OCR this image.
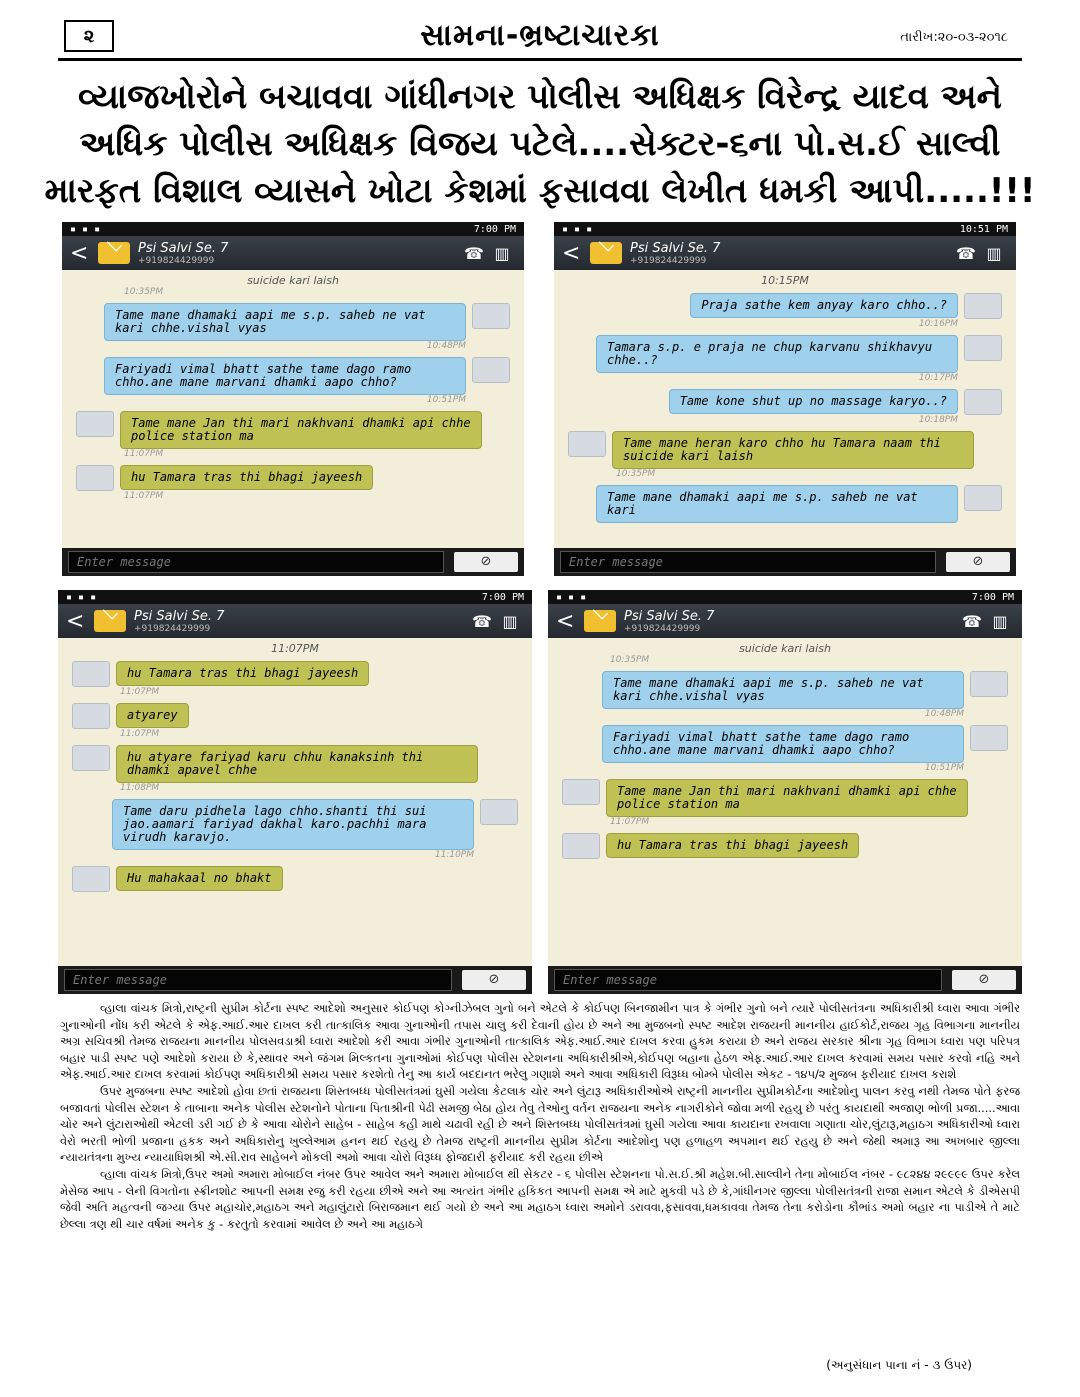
૨	સામના-ભ્રષ્ટાચારકા	તારીખ:૨૦-૦૩-૨૦૧૮
વ્યાજખોરોને બચાવવા ગાંધીનગર પોલીસ અધિક્ષક વિરેન્દ્ર યાદવ અને
અધિક પોલીસ અધિક્ષક વિજય પટેલે....સેક્ટર-૬ના પો.સ.ઈ સાલ્વી
મારફત વિશાલ વ્યાસને ખોટા કેશમાં ફસાવવા લેખીત ધમકી આપી.....!!!
▪ ▪ ▪	7:00 PM
<	Psi Salvi Se. 7
+919824429999	☎ ▥
suicide kari laish
10:35PM
Tame mane dhamaki aapi me s.p. saheb ne vat kari chhe.vishal vyas
10:48PM
Fariyadi vimal bhatt sathe tame dago ramo chho.ane mane marvani dhamki aapo chho?
10:51PM
Tame mane Jan thi mari nakhvani dhamki api chhe police station ma
11:07PM
hu Tamara tras thi bhagi jayeesh
11:07PM
Enter message	⊘
▪ ▪ ▪	10:51 PM
<	Psi Salvi Se. 7
+919824429999	☎ ▥
10:15PM
Praja sathe kem anyay karo chho..?
10:16PM
Tamara s.p. e praja ne chup karvanu shikhavyu chhe..?
10:17PM
Tame kone shut up no massage karyo..?
10:18PM
Tame mane heran karo chho hu Tamara naam thi suicide kari laish
10:35PM
Tame mane dhamaki aapi me s.p. saheb ne vat kari
Enter message	⊘
▪ ▪ ▪	7:00 PM
<	Psi Salvi Se. 7
+919824429999	☎ ▥
11:07PM
hu Tamara tras thi bhagi jayeesh
11:07PM
atyarey
11:07PM
hu atyare fariyad karu chhu kanaksinh thi dhamki apavel chhe
11:08PM
Tame daru pidhela lago chho.shanti thi sui jao.aamari fariyad dakhal karo.pachhi mara virudh karavjo.
11:10PM
Hu mahakaal no bhakt
Enter message	⊘
▪ ▪ ▪	7:00 PM
<	Psi Salvi Se. 7
+919824429999	☎ ▥
suicide kari laish
10:35PM
Tame mane dhamaki aapi me s.p. saheb ne vat kari chhe.vishal vyas
10:48PM
Fariyadi vimal bhatt sathe tame dago ramo chho.ane mane marvani dhamki aapo chho?
10:51PM
Tame mane Jan thi mari nakhvani dhamki api chhe police station ma
11:07PM
hu Tamara tras thi bhagi jayeesh
Enter message	⊘

વ્હાલા વાંચક મિત્રો,રાષ્ટ્રની સુપ્રીમ કોર્ટના સ્પષ્ટ આદેશો અનુસાર કોઈપણ કોગ્નીઝેબલ ગુનો બને એટલે કે કોઈપણ બિનજામીન પાત્ર કે ગંભીર ગુનો બને ત્યારે પોલીસતંત્રના અધિકારીશ્રી ધ્વારા આવા ગંભીર ગુનાઓની નોંધ કરી એટલે કે એફ.આઈ.આર દાખલ કરી તાત્કાલિક આવા ગુનાઓની તપાસ ચાલુ કરી દેવાની હોય છે અને આ મુજબનો સ્પષ્ટ આદેશ રાજયની માનનીય હાઈકોર્ટ,રાજય ગૃહ વિભાગના માનનીય અગ્ર સચિવશ્રી તેમજ રાજયના માનનીય પોલસવડાશ્રી ધ્વારા આદેશો કરી આવા ગંભીર ગુનાઓની તાત્કાલિક એફ.આઈ.આર દાખલ કરવા હુકમ કરાયા છે અને રાજય સરકાર શ્રીના ગૃહ વિભાગ ધ્વારા પણ પરિપત્ર બહાર પાડી સ્પષ્ટ પણે આદેશો કરાયા છે કે,સ્થાવર અને જંગમ મિલ્કતના ગુનાઓમાં કોઈપણ પોલીસ સ્ટેશનના અધિકારીશ્રીએ,કોઈપણ બહાના હેઠળ એફ.આઈ.આર દાખલ કરવામાં સમય પસાર કરવો નહિ અને એફ.આઈ.આર દાખલ કરવામાં કોઈપણ અધિકારીશ્રી સમય પસાર કરશેતો તેનુ આ કાર્ય બદદાનત ભરેલુ ગણાશે અને આવા અધિકારી વિરૂધ્ધ બોમ્બે પોલીસ એકટ - ૧૪૫/૨ મુજબ ફરીયાદ દાખલ કરાશે

ઉપર મુજબના સ્પષ્ટ આદેશો હોવા છતાં રાજયના શિસ્તબધ્ધ પોલીસતંત્રમાં ઘુસી ગયેલા કેટલાક ચોર અને લુંટારૂ અધિકારીઓએ રાષ્ટ્રની માનનીય સુપ્રીમકોર્ટના આદેશોનુ પાલન કરવુ નથી તેમજ પોતે ફરજ બજાવતાં પોલીસ સ્ટેશન કે તાબાના અનેક પોલીસ સ્ટેશનોને પોતાના પિતાશ્રીની પેઢી સમજી બેઠા હોય તેવુ તેઓનુ વર્તન રાજયના અનેક નાગરીકોને જોવા મળી રહયુ છે પરંતુ કાયદાથી અજાણ ભોળી પ્રજા.....આવા ચોર અને લુંટારાઓથી એટલી ડરી ગઈ છે કે આવા ચોરોને સાહેબ - સાહેબ કહી માથે ચઢાવી રહી છે અને શિસ્તબધ્ધ પોલીસતંત્રમાં ઘુસી ગયેલા આવા કાયદાના રખવાલા ગણાતા ચોર,લુંટારૂ,મહાઠગ અધિકારીઓ ધ્વારા વેરો ભરતી ભોળી પ્રજાના હકક અને અધિકારોનુ ખુલ્લેઆમ હનન થઈ રહયુ છે તેમજ રાષ્ટ્રની માનનીય સુપ્રીમ કોર્ટના આદેશોનુ પણ હળાહળ અપમાન થઈ રહયુ છે અને જેથી અમારૂ આ અખબાર જીલ્લા ન્યાયતંત્રના મુખ્ય ન્યાયાધિશશ્રી એ.સી.રાવ સાહેબને મોકલી અમો આવા ચોરો વિરૂધ્ધ ફોજદારી ફરીયાદ કરી રહયા છીએ

વ્હાલા વાંચક મિત્રો,ઉપર અમો અમારા મોબાઈલ નંબર ઉપર આવેલ અને અમારા મોબાઈલ થી સેકટર - ૬ પોલીસ સ્ટેશનના પો.સ.ઈ.શ્રી મહેશ.બી.સાલ્વીને તેના મોબાઈલ નંબર - ૯૮૨૪૪ ૨૯૯૯૯ ઉપર કરેલ મેસેજ આપ - લેની વિગતોના સ્ક્રીનશોટ આપની સમક્ષ રજુ કરી રહયા છીએ અને આ અત્યંત ગંભીર હકિકત આપની સમક્ષ એ માટે મુકવી પડે છે કે,ગાંધીનગર જીલ્લા પોલીસતંત્રની રાજા સમાન એટલે કે ડીએસપી જેવી અતિ મહત્વની જગ્યા ઉપર મહાચોર,મહાઠગ અને મહાલુંટારો બિરાજમાન થઈ ગયો છે અને આ મહાઠગ ધ્વારા અમોને ડરાવવા,ફસાવવા,ધમકાવવા તેમજ તેના કરોડોના કૌભાંડ અમો બહાર ના પાડીએ તે માટે છેલ્લા ત્રણ થી ચાર વર્ષમાં અનેક કુ - કરતુતો કરવામાં આવેલ છે અને આ મહાઠગે

(અનુસંધાન પાના નં - ૩ ઉપર)
